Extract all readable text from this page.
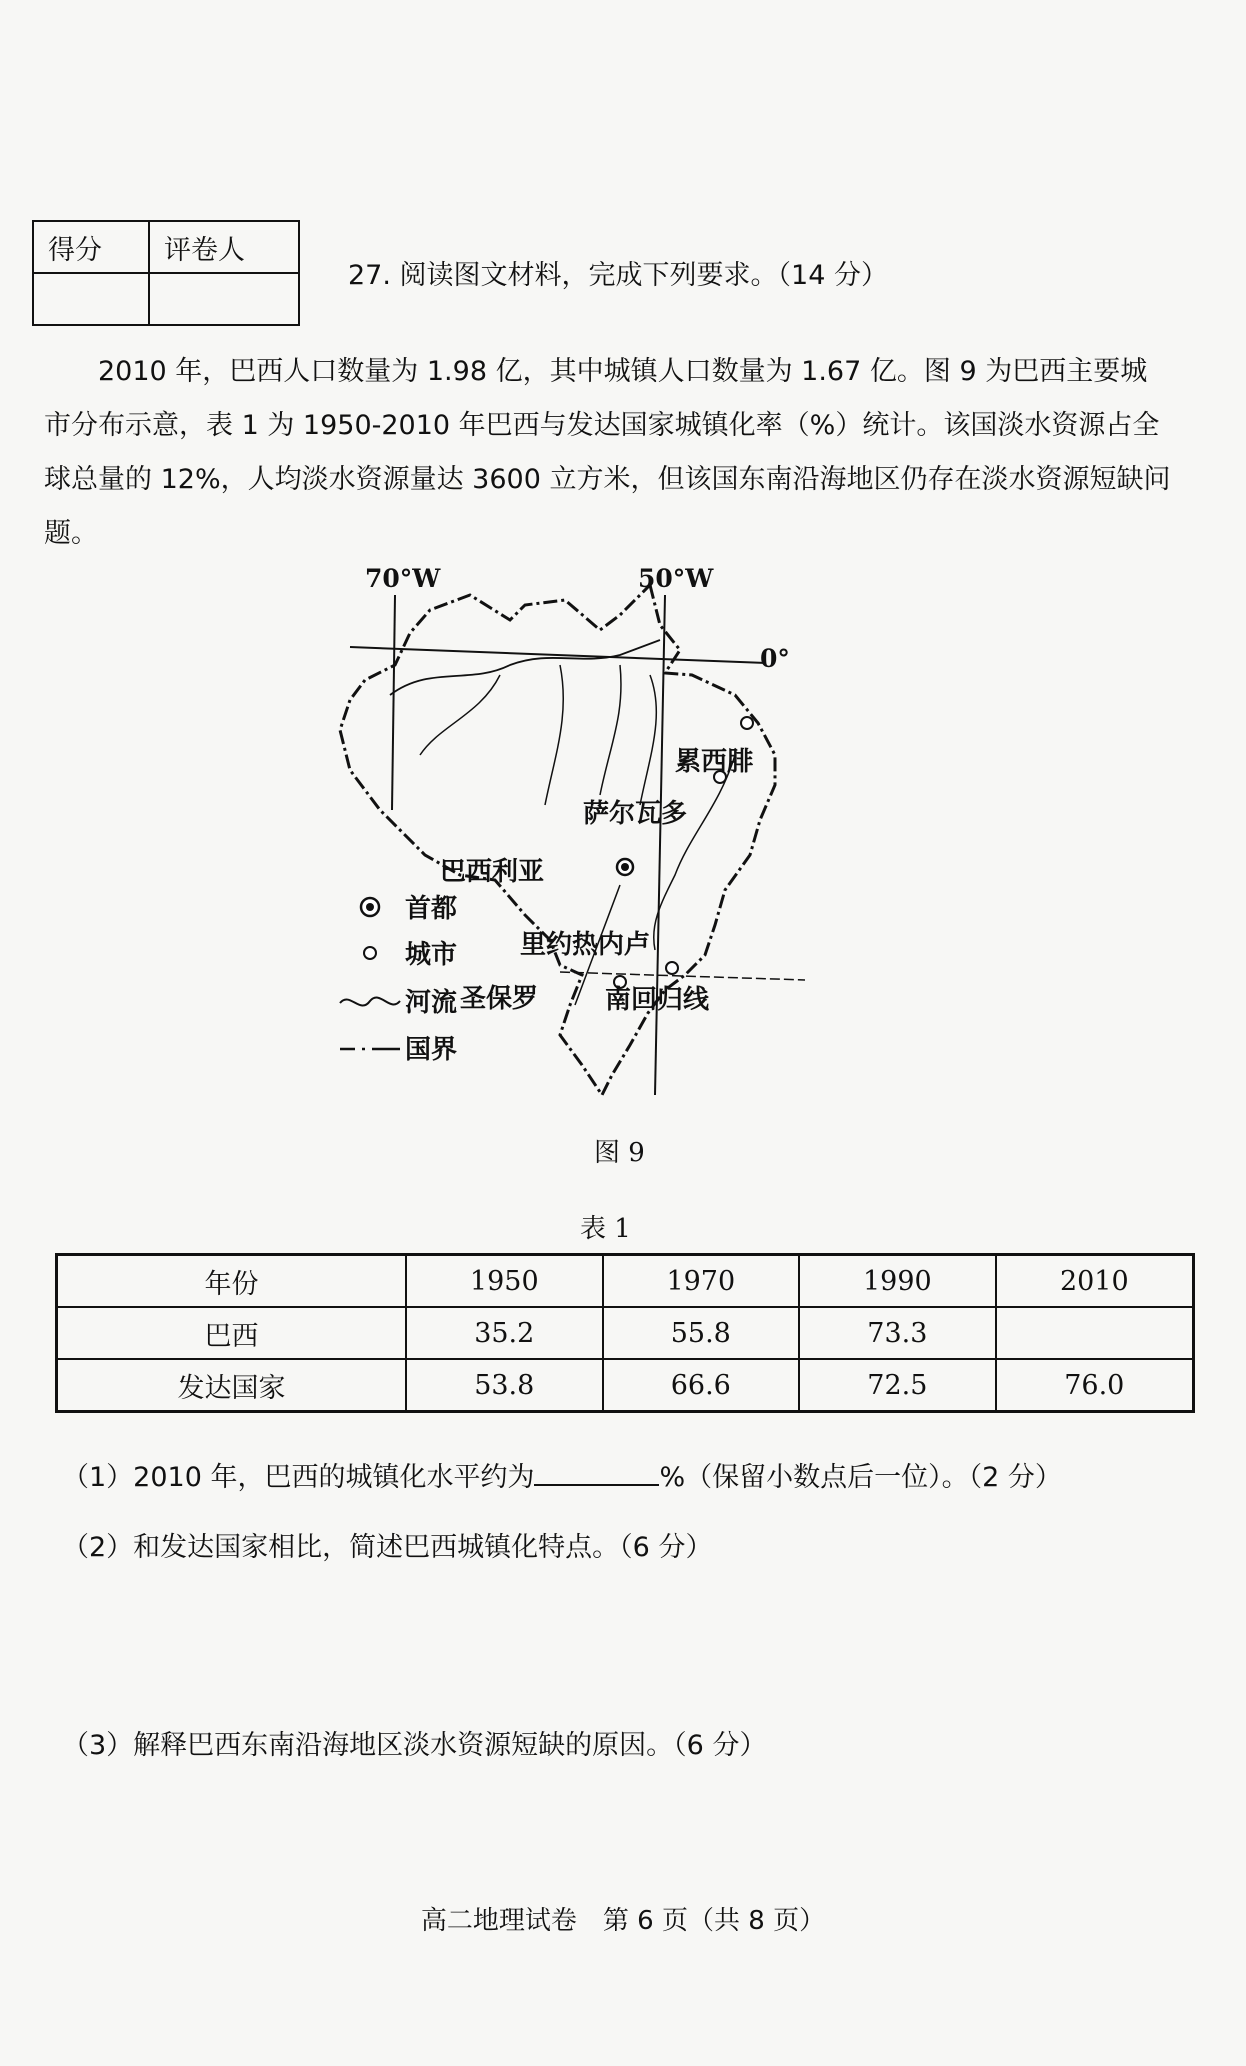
得分	评卷人

27. 阅读图文材料，完成下列要求。（14 分）
2010 年，巴西人口数量为 1.98 亿，其中城镇人口数量为 1.67 亿。图 9 为巴西主要城市分布示意，表 1 为 1950-2010 年巴西与发达国家城镇化率（%）统计。该国淡水资源占全球总量的 12%，人均淡水资源量达 3600 立方米，但该国东南沿海地区仍存在淡水资源短缺问题。
70°W	50°W
0°
累西腓
萨尔瓦多
巴西利亚
里约热内卢
南回归线
圣保罗
首都
城市
河流
国界
图 9
表 1
年份	1950	1970	1990	2010
巴西	35.2	55.8	73.3	
发达国家	53.8	66.6	72.5	76.0
（1）2010 年，巴西的城镇化水平约为	%（保留小数点后一位）。（2 分）
（2）和发达国家相比，简述巴西城镇化特点。（6 分）
（3）解释巴西东南沿海地区淡水资源短缺的原因。（6 分）
高二地理试卷　第 6 页（共 8 页）
